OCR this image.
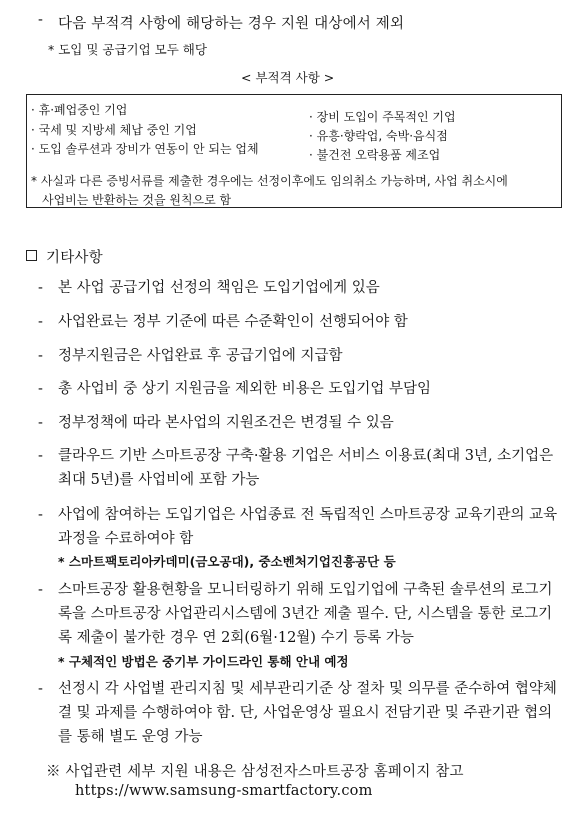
- 다음 부적격 사항에 해당하는 경우 지원 대상에서 제외
* 도입 및 공급기업 모두 해당
< 부적격 사항 >
· 휴·폐업중인 기업
· 국세 및 지방세 체납 중인 기업
· 도입 솔루션과 장비가 연동이 안 되는 업체
· 장비 도입이 주목적인 기업
· 유흥·향락업, 숙박·음식점
· 불건전 오락용품 제조업
* 사실과 다른 증빙서류를 제출한 경우에는 선정이후에도 임의취소 가능하며, 사업 취소시에
사업비는 반환하는 것을 원칙으로 함
기타사항
- 본 사업 공급기업 선정의 책임은 도입기업에게 있음
- 사업완료는 정부 기준에 따른 수준확인이 선행되어야 함
- 정부지원금은 사업완료 후 공급기업에 지급함
- 총 사업비 중 상기 지원금을 제외한 비용은 도입기업 부담임
- 정부정책에 따라 본사업의 지원조건은 변경될 수 있음
- 클라우드 기반 스마트공장 구축·활용 기업은 서비스 이용료(최대 3년, 소기업은 최대 5년)를 사업비에 포함 가능
- 사업에 참여하는 도입기업은 사업종료 전 독립적인 스마트공장 교육기관의 교육과정을 수료하여야 함
* 스마트팩토리아카데미(금오공대), 중소벤처기업진흥공단 등
- 스마트공장 활용현황을 모니터링하기 위해 도입기업에 구축된 솔루션의 로그기록을 스마트공장 사업관리시스템에 3년간 제출 필수. 단, 시스템을 통한 로그기록 제출이 불가한 경우 연 2회(6월·12월) 수기 등록 가능
* 구체적인 방법은 중기부 가이드라인 통해 안내 예정
- 선정시 각 사업별 관리지침 및 세부관리기준 상 절차 및 의무를 준수하여 협약체결 및 과제를 수행하여야 함. 단, 사업운영상 필요시 전담기관 및 주관기관 협의를 통해 별도 운영 가능
※ 사업관련 세부 지원 내용은 삼성전자스마트공장 홈페이지 참고
https://www.samsung-smartfactory.com
